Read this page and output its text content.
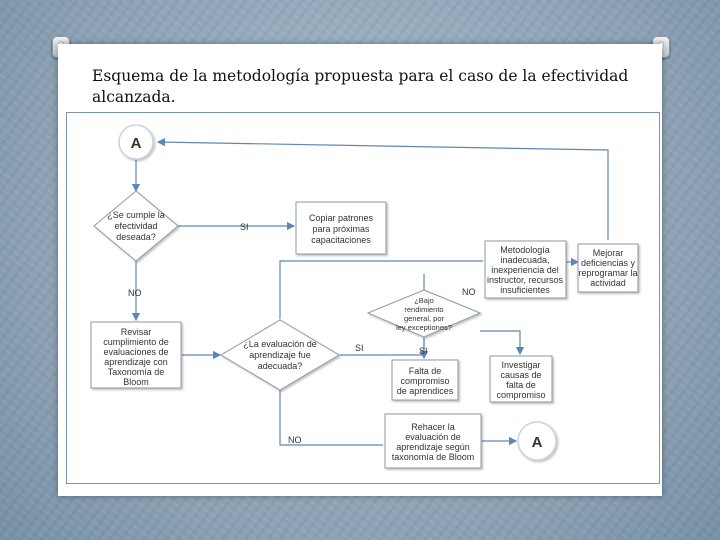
Esquema de la metodología propuesta para el caso de la efectividad alcanzada.
A
¿Se cumple la
efectividad
deseada?
Copiar patrones
para próximas
capacitaciones
Metodología
inadecuada,
inexperiencia del
instructor, recursos
insuficientes
Mejorar
deficiencias y
reprogramar la
actividad
Revisar
cumplimiento de
evaluaciones de
aprendizaje con
Taxonomía de
Bloom
¿La evaluación de
aprendizaje fue
adecuada?
¿Bajo
rendimiento
general, por
ley exceptiones?
Falta de
compromiso
de aprendices
Investigar
causas de
falta de
compromiso
Rehacer la
evaluación de
aprendizaje según
taxonomía de Bloom
A
SI
NO
SI
NO
SI
NO
